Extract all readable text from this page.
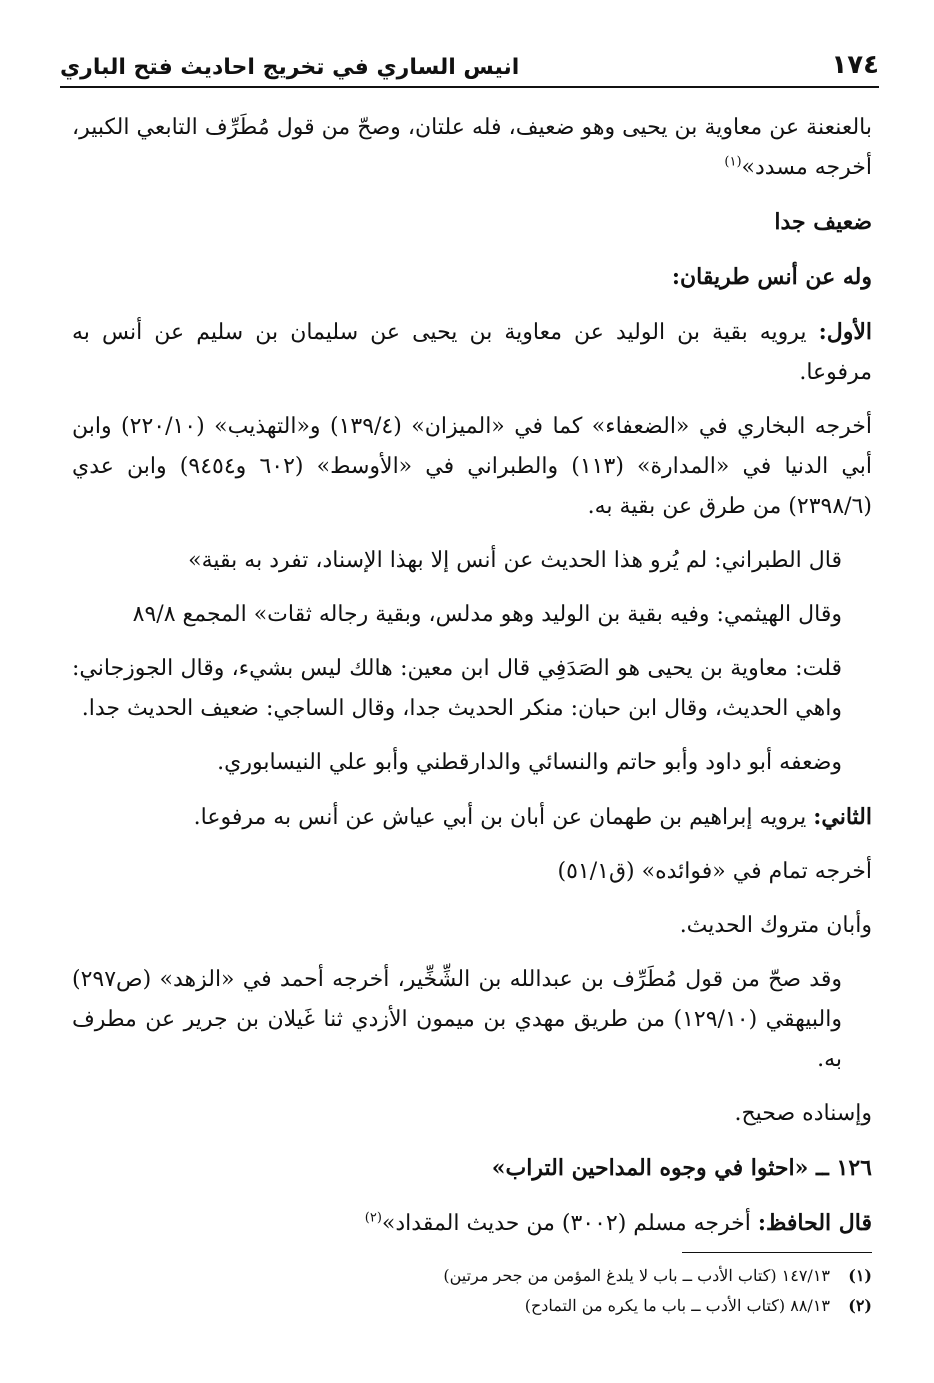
١٧٤
انيس الساري في تخريج احاديث فتح الباري

بالعنعنة عن معاوية بن يحيى وهو ضعيف، فله علتان، وصحّ من قول مُطَرِّف التابعي الكبير، أخرجه مسدد»$^{(١)}$

ضعيف جدا

وله عن أنس طريقان:

الأول: يرويه بقية بن الوليد عن معاوية بن يحيى عن سليمان بن سليم عن أنس به مرفوعا.

أخرجه البخاري في «الضعفاء» كما في «الميزان» (١٣٩/٤) و«التهذيب» (٢٢٠/١٠) وابن أبي الدنيا في «المدارة» (١١٣) والطبراني في «الأوسط» (٦٠٢ و٩٤٥٤) وابن عدي (٢٣٩٨/٦) من طرق عن بقية به.

قال الطبراني: لم يُرو هذا الحديث عن أنس إلا بهذا الإسناد، تفرد به بقية»

وقال الهيثمي: وفيه بقية بن الوليد وهو مدلس، وبقية رجاله ثقات» المجمع ٨٩/٨

قلت: معاوية بن يحيى هو الصَدَفِي قال ابن معين: هالك ليس بشيء، وقال الجوزجاني: واهي الحديث، وقال ابن حبان: منكر الحديث جدا، وقال الساجي: ضعيف الحديث جدا.

وضعفه أبو داود وأبو حاتم والنسائي والدارقطني وأبو علي النيسابوري.

الثاني: يرويه إبراهيم بن طهمان عن أبان بن أبي عياش عن أنس به مرفوعا.

أخرجه تمام في «فوائده» (ق٥١/١)

وأبان متروك الحديث.

وقد صحّ من قول مُطَرِّف بن عبدالله بن الشِّخِّير، أخرجه أحمد في «الزهد» (ص٢٩٧) والبيهقي (١٢٩/١٠) من طريق مهدي بن ميمون الأزدي ثنا غَيلان بن جرير عن مطرف به.

وإسناده صحيح.

١٢٦ ــ «احثوا في وجوه المداحين التراب»

قال الحافظ: أخرجه مسلم (٣٠٠٢) من حديث المقداد»$^{(٢)}$

(١)
١٤٧/١٣ (كتاب الأدب ــ باب لا يلدغ المؤمن من جحر مرتين)
(٢)
٨٨/١٣ (كتاب الأدب ــ باب ما يكره من التمادح)
